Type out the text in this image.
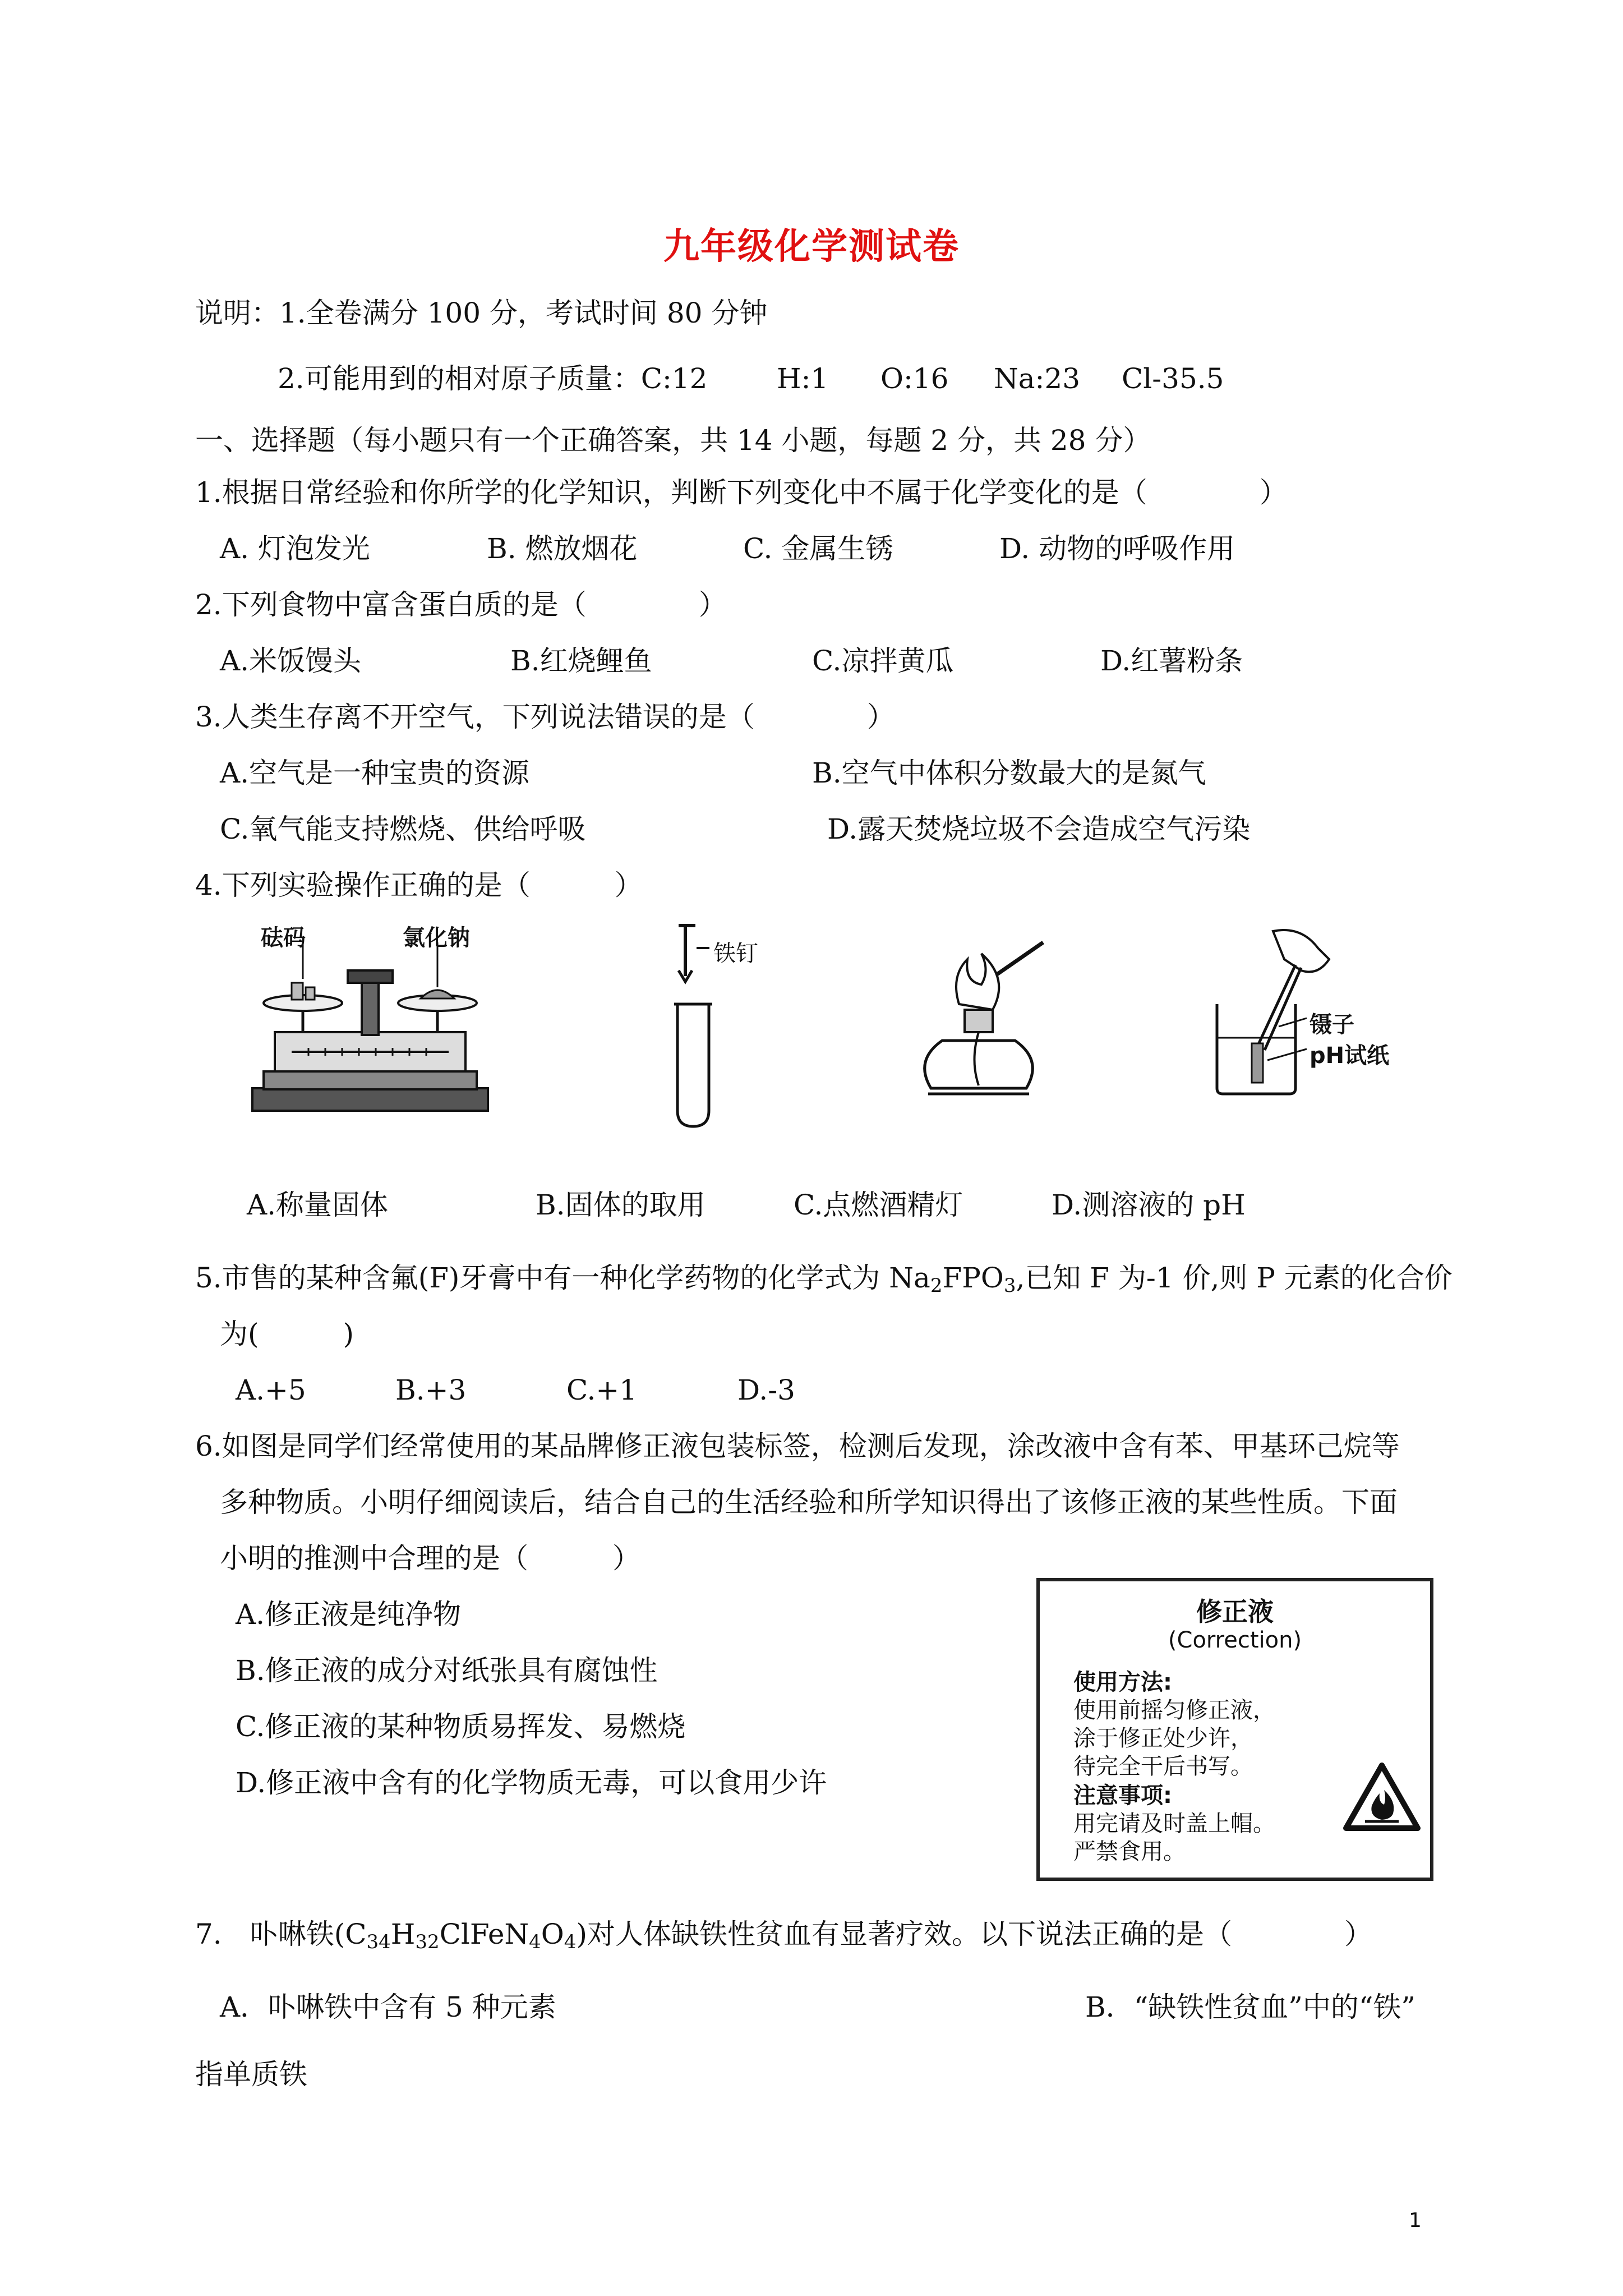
九年级化学测试卷
说明：1.全卷满分 100 分，考试时间 80 分钟
2.可能用到的相对原子质量：C:12 H:1 O:16 Na:23 Cl-35.5
一、选择题（每小题只有一个正确答案，共 14 小题，每题 2 分，共 28 分）
1.根据日常经验和你所学的化学知识，判断下列变化中不属于化学变化的是（　　　　）
A. 灯泡发光	B. 燃放烟花	C. 金属生锈	D. 动物的呼吸作用
2.下列食物中富含蛋白质的是（　　　　）
A.米饭馒头	B.红烧鲤鱼	C.凉拌黄瓜	D.红薯粉条
3.人类生存离不开空气，下列说法错误的是（　　　　）
A.空气是一种宝贵的资源	B.空气中体积分数最大的是氮气
C.氧气能支持燃烧、供给呼吸	D.露天焚烧垃圾不会造成空气污染
4.下列实验操作正确的是（　　　）
砝码	氯化钠
铁钉
镊子
pH试纸
A.称量固体	B.固体的取用	C.点燃酒精灯	D.测溶液的 pH
5.市售的某种含氟(F)牙膏中有一种化学药物的化学式为 $Na_2FPO_3$,已知 F 为-1 价,则 P 元素的化合价
为(　　　)
A.+5	B.+3	C.+1	D.-3
6.如图是同学们经常使用的某品牌修正液包装标签，检测后发现，涂改液中含有苯、甲基环己烷等
多种物质。小明仔细阅读后，结合自己的生活经验和所学知识得出了该修正液的某些性质。下面
小明的推测中合理的是（　　　）
A.修正液是纯净物
B.修正液的成分对纸张具有腐蚀性
C.修正液的某种物质易挥发、易燃烧
D.修正液中含有的化学物质无毒，可以食用少许
修正液
(Correction)
使用方法:
使用前摇匀修正液，
涂于修正处少许，
待完全干后书写。
注意事项:
用完请及时盖上帽。
严禁食用。
7.　卟啉铁$(C_{34}H_{32}ClFeN_4O_4)$对人体缺铁性贫血有显著疗效。以下说法正确的是（　　　　）
A．卟啉铁中含有 5 种元素	B．“缺铁性贫血”中的“铁”
指单质铁
1
